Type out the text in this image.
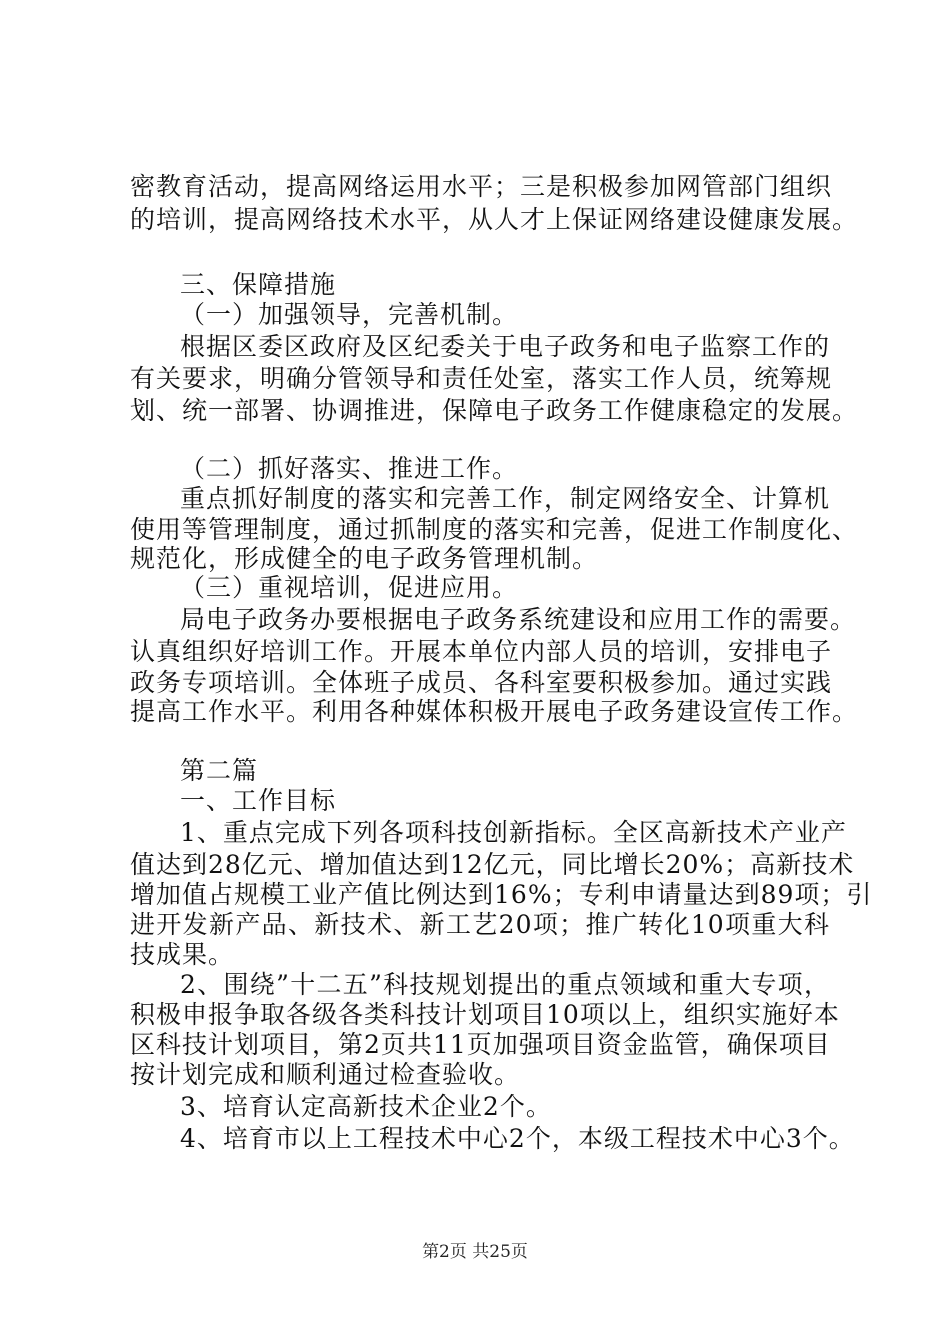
密教育活动，提高网络运用水平；三是积极参加网管部门组织
的培训，提高网络技术水平，从人才上保证网络建设健康发展。
三、保障措施
（一）加强领导，完善机制。
根据区委区政府及区纪委关于电子政务和电子监察工作的
有关要求，明确分管领导和责任处室，落实工作人员，统筹规
划、统一部署、协调推进，保障电子政务工作健康稳定的发展。
（二）抓好落实、推进工作。
重点抓好制度的落实和完善工作，制定网络安全、计算机
使用等管理制度，通过抓制度的落实和完善，促进工作制度化、
规范化，形成健全的电子政务管理机制。
（三）重视培训，促进应用。
局电子政务办要根据电子政务系统建设和应用工作的需要。
认真组织好培训工作。开展本单位内部人员的培训，安排电子
政务专项培训。全体班子成员、各科室要积极参加。通过实践
提高工作水平。利用各种媒体积极开展电子政务建设宣传工作。
第二篇
一、工作目标
1、重点完成下列各项科技创新指标。全区高新技术产业产
值达到28亿元、增加值达到12亿元，同比增长20%；高新技术
增加值占规模工业产值比例达到16%；专利申请量达到89项；引
进开发新产品、新技术、新工艺20项；推广转化10项重大科
技成果。
2、围绕”十二五”科技规划提出的重点领域和重大专项，
积极申报争取各级各类科技计划项目10项以上，组织实施好本
区科技计划项目，第2页共11页加强项目资金监管，确保项目
按计划完成和顺利通过检查验收。
3、培育认定高新技术企业2个。
4、培育市以上工程技术中心2个，本级工程技术中心3个。
第2页 共25页
